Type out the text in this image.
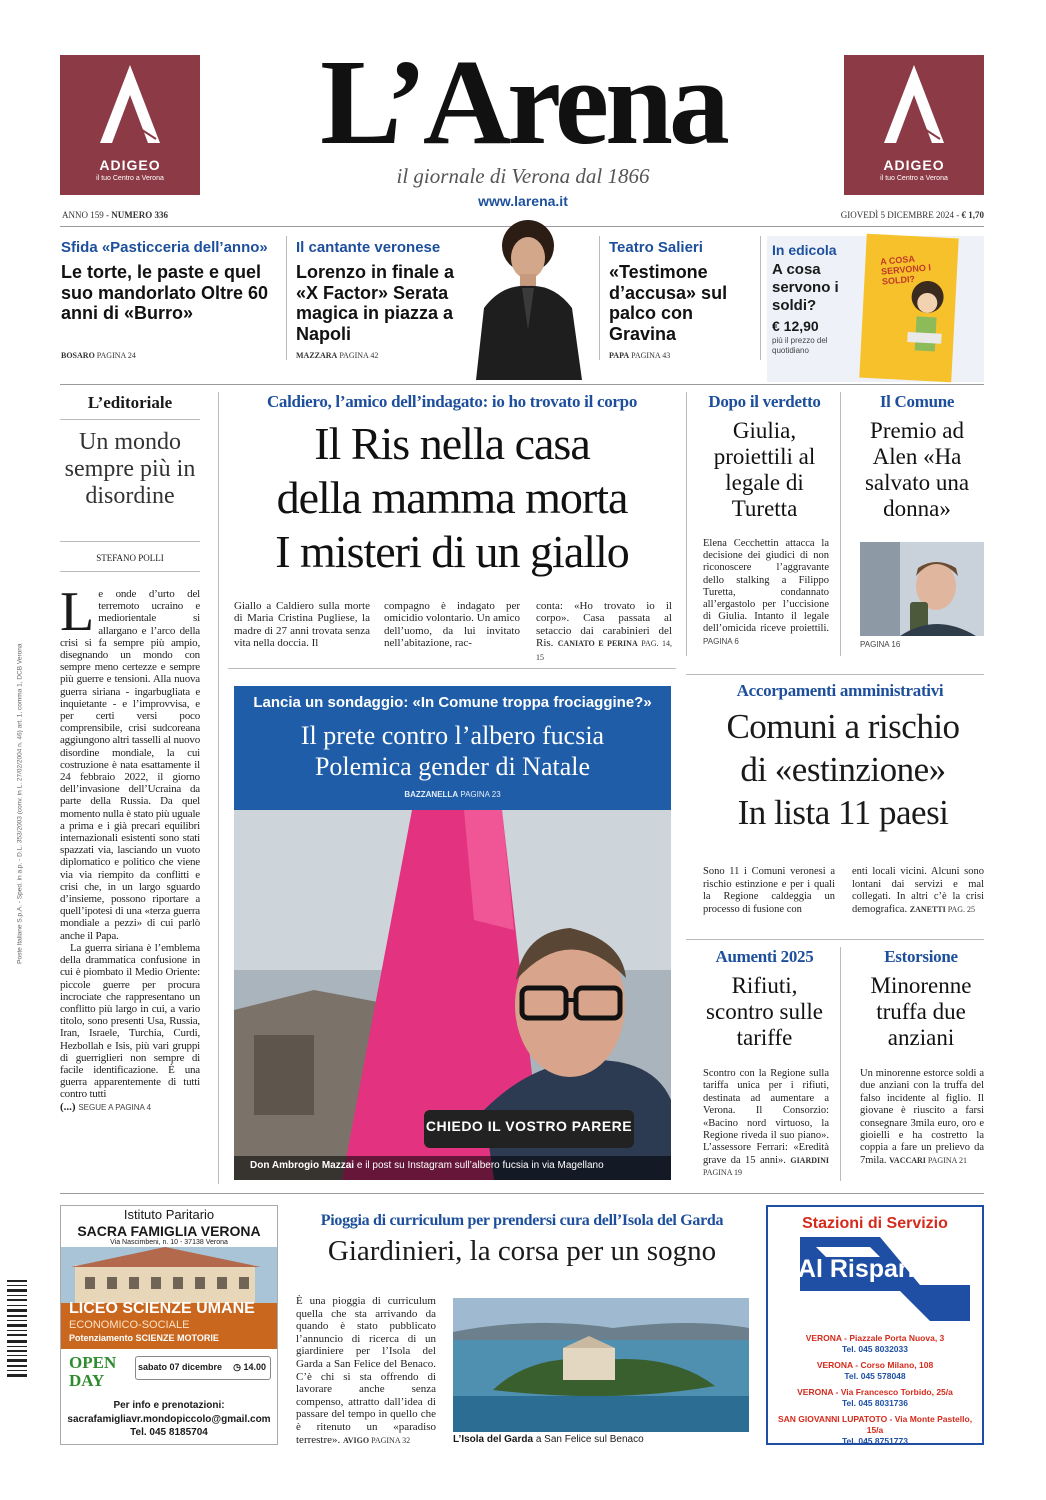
ADIGEO
il tuo Centro a Verona
ADIGEO
il tuo Centro a Verona
L’Arena
il giornale di Verona dal 1866
www.larena.it
ANNO 159 - NUMERO 336	GIOVEDÌ 5 DICEMBRE 2024 - € 1,70
Sfida «Pasticceria dell’anno»
Le torte, le paste e quel suo mandorlato Oltre 60 anni di «Burro»
BOSARO PAGINA 24
Il cantante veronese
Lorenzo in finale a «X Factor» Serata magica in piazza a Napoli
MAZZARA PAGINA 42
Teatro Salieri
«Testimone d’accusa» sul palco con Gravina
PAPA PAGINA 43
In edicola
A cosa servono i soldi?
€ 12,90
più il prezzo del quotidiano
A COSA SERVONO I SOLDI?
L’editoriale
Un mondo sempre più in disordine
STEFANO POLLI
L e onde d’urto del terremoto ucraino e mediorientale si allargano e l’arco della crisi si fa sempre più ampio, disegnando un mondo con sempre meno certezze e sempre più guerre e tensioni. Alla nuova guerra siriana - ingarbugliata e inquietante - e l’improvvisa, e per certi versi poco comprensibile, crisi sudcoreana aggiungono altri tasselli al nuovo disordine mondiale, la cui costruzione è nata esattamente il 24 febbraio 2022, il giorno dell’invasione dell’Ucraina da parte della Russia. Da quel momento nulla è stato più uguale a prima e i già precari equilibri internazionali esistenti sono stati spazzati via, lasciando un vuoto diplomatico e politico che viene via via riempito da conflitti e crisi che, in un largo sguardo d’insieme, possono riportare a quell’ipotesi di una «terza guerra mondiale a pezzi» di cui parlò anche il Papa.
La guerra siriana è l’emblema della drammatica confusione in cui è piombato il Medio Oriente: piccole guerre per procura incrociate che rappresentano un conflitto più largo in cui, a vario titolo, sono presenti Usa, Russia, Iran, Israele, Turchia, Curdi, Hezbollah e Isis, più vari gruppi di guerriglieri non sempre di facile identificazione. È una guerra apparentemente di tutti contro tutti
(...) SEGUE A PAGINA 4
Poste Italiane S.p.A. - Sped. in a.p. - D.L. 353/2003 (conv. in L. 27/02/2004 n. 46) art. 1, comma 1, DCB Verona
Caldiero, l’amico dell’indagato: io ho trovato il corpo
Il Ris nella casa
della mamma morta
I misteri di un giallo
Giallo a Caldiero sulla morte di Maria Cristina Pugliese, la madre di 27 anni trovata senza vita nella doccia. Il
compagno è indagato per omicidio volontario. Un amico dell’uomo, da lui invitato nell’abitazione, rac-
conta: «Ho trovato io il corpo». Casa passata al setaccio dai carabinieri del Ris. CANIATO E PERINA PAG. 14, 15
Dopo il verdetto
Giulia, proiettili al legale di Turetta
Elena Cecchettin attacca la decisione dei giudici di non riconoscere l’aggravante dello stalking a Filippo Turetta, condannato all’ergastolo per l’uccisione di Giulia. Intanto il legale dell’omicida riceve proiettili. PAGINA 6
Il Comune
Premio ad Alen «Ha salvato una donna»
PAGINA 16
Lancia un sondaggio: «In Comune troppa frociaggine?»
Il prete contro l’albero fucsia
Polemica gender di Natale
BAZZANELLA PAGINA 23
CHIEDO IL VOSTRO PARERE
Don Ambrogio Mazzai e il post su Instagram sull’albero fucsia in via Magellano
Accorpamenti amministrativi
Comuni a rischio
di «estinzione»
In lista 11 paesi
Sono 11 i Comuni veronesi a rischio estinzione e per i quali la Regione caldeggia un processo di fusione con
enti locali vicini. Alcuni sono lontani dai servizi e mal collegati. In altri c’è la crisi demografica. ZANETTI PAG. 25
Aumenti 2025
Rifiuti, scontro sulle tariffe
Scontro con la Regione sulla tariffa unica per i rifiuti, destinata ad aumentare a Verona. Il Consorzio: «Bacino nord virtuoso, la Regione riveda il suo piano». L’assessore Ferrari: «Eredità grave da 15 anni». GIARDINI PAGINA 19
Estorsione
Minorenne truffa due anziani
Un minorenne estorce soldi a due anziani con la truffa del falso incidente al figlio. Il giovane è riuscito a farsi consegnare 3mila euro, oro e gioielli e ha costretto la coppia a fare un prelievo da 7mila. VACCARI PAGINA 21
Istituto Paritario
SACRA FAMIGLIA VERONA
Via Nascimbeni, n. 10 - 37138 Verona
LICEO SCIENZE UMANE
ECONOMICO-SOCIALE
Potenziamento SCIENZE MOTORIE
OPEN DAY
sabato 07 dicembre ◷ 14.00
Per info e prenotazioni:
sacrafamigliavr.mondopiccolo@gmail.com
Tel. 045 8185704
Pioggia di curriculum per prendersi cura dell’Isola del Garda
Giardinieri, la corsa per un sogno
È una pioggia di curriculum quella che sta arrivando da quando è stato pubblicato l’annuncio di ricerca di un giardiniere per l’Isola del Garda a San Felice del Benaco. C’è chi si sta offrendo di lavorare anche senza compenso, attratto dall’idea di passare del tempo in quello che è ritenuto un «paradiso terrestre». AVIGO PAGINA 32	L’Isola del Garda a San Felice sul Benaco
Stazioni di Servizio
Al Risparmio
VERONA - Piazzale Porta Nuova, 3
Tel. 045 8032033
VERONA - Corso Milano, 108
Tel. 045 578048
VERONA - Via Francesco Torbido, 25/a
Tel. 045 8031736
SAN GIOVANNI LUPATOTO - Via Monte Pastello, 15/a
Tel. 045 8751773
